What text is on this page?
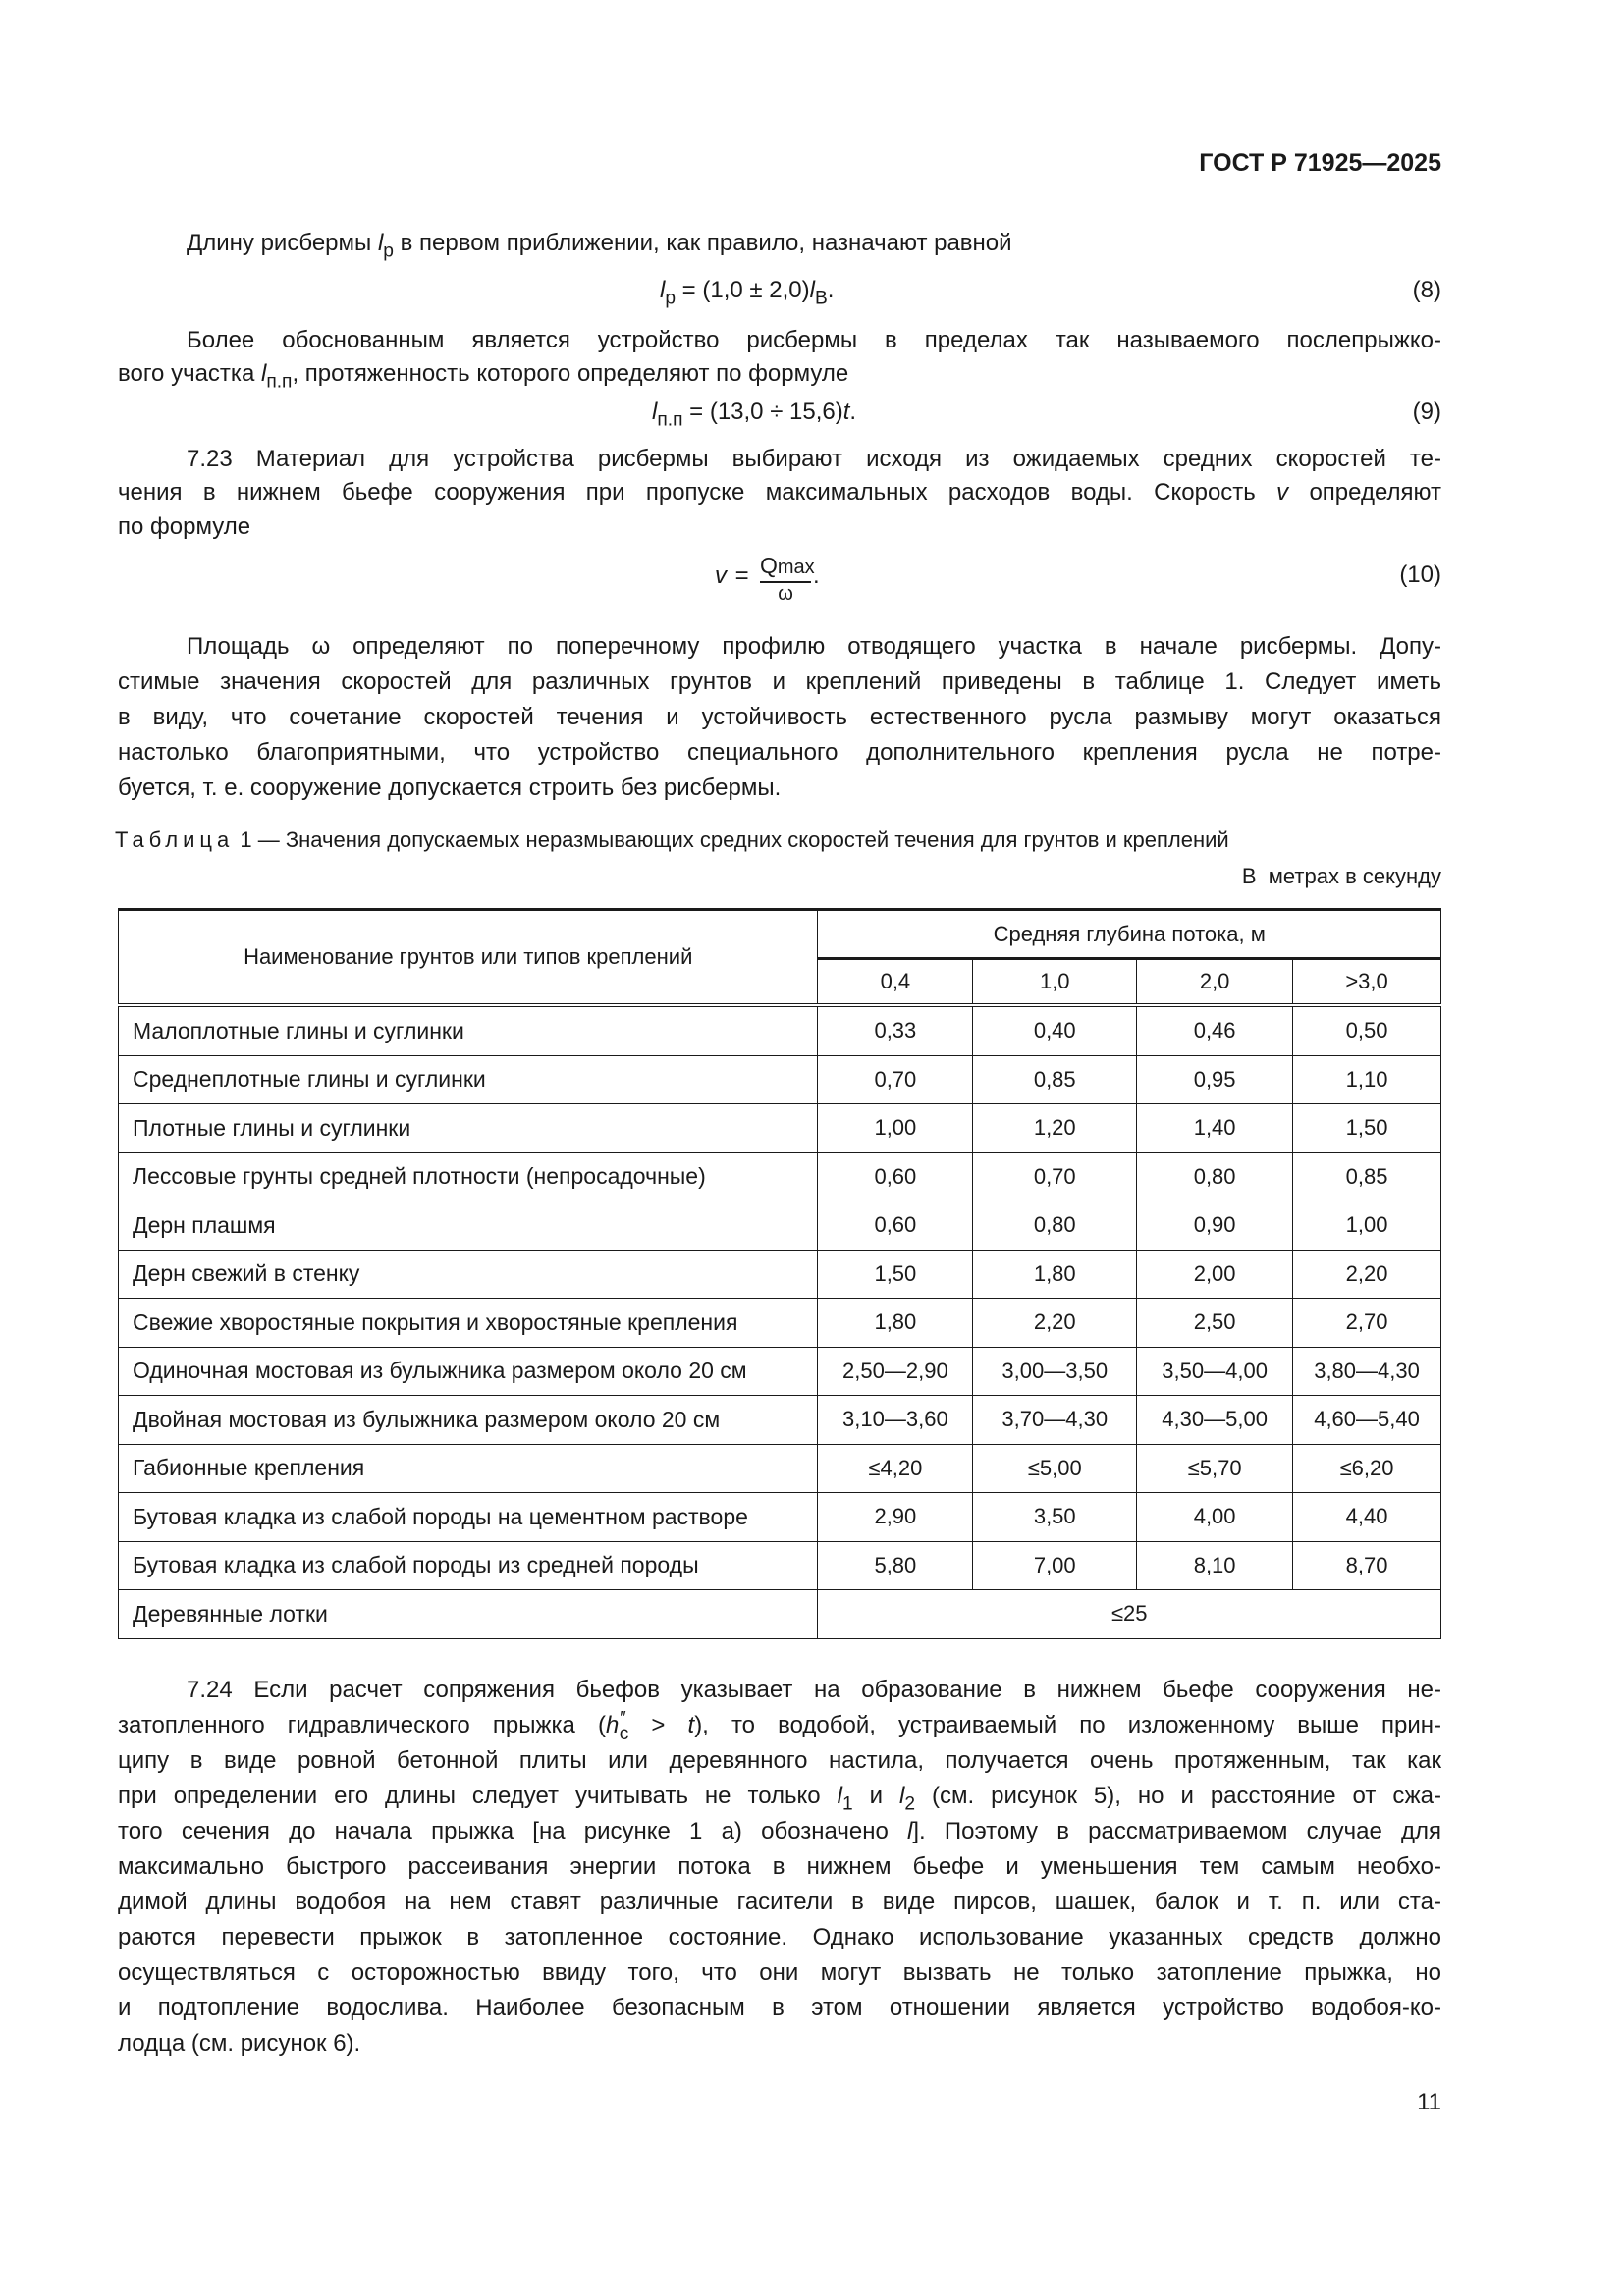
ГОСТ Р 71925—2025
Длину рисбермы $l_р$ в первом приближении, как правило, назначают равной
$l_р = (1,0 \pm 2,0)l_В$.	(8)
Более обоснованным является устройство рисбермы в пределах так называемого послепрыжко-
вого участка $l_{п.п}$, протяженность которого определяют по формуле
$l_{п.п} = (13,0 \div 15,6)t$.	(9)
7.23 Материал для устройства рисбермы выбирают исходя из ожидаемых средних скоростей те-
чения в нижнем бьефе сооружения при пропуске максимальных расходов воды. Скорость v определяют
по формуле
v = Qmax
ω
.	(10)
Площадь ω определяют по поперечному профилю отводящего участка в начале рисбермы. Допу-
стимые значения скоростей для различных грунтов и креплений приведены в таблице 1. Следует иметь
в виду, что сочетание скоростей течения и устойчивость естественного русла размыву могут оказаться
настолько благоприятными, что устройство специального дополнительного крепления русла не потре-
буется, т. е. сооружение допускается строить без рисбермы.
Таблица 1 — Значения допускаемых неразмывающих средних скоростей течения для грунтов и креплений
В  метрах в секунду
Наименование грунтов или типов креплений	Средняя глубина потока, м			
	0,4	1,0	2,0	>3,0
Малоплотные глины и суглинки	0,33	0,40	0,46	0,50
Среднеплотные глины и суглинки	0,70	0,85	0,95	1,10
Плотные глины и суглинки	1,00	1,20	1,40	1,50
Лессовые грунты средней плотности (непросадочные)	0,60	0,70	0,80	0,85
Дерн плашмя	0,60	0,80	0,90	1,00
Дерн свежий в стенку	1,50	1,80	2,00	2,20
Свежие хворостяные покрытия и хворостяные крепления	1,80	2,20	2,50	2,70
Одиночная мостовая из булыжника размером около 20 см	2,50—2,90	3,00—3,50	3,50—4,00	3,80—4,30
Двойная мостовая из булыжника размером около 20 см	3,10—3,60	3,70—4,30	4,30—5,00	4,60—5,40
Габионные крепления	≤4,20	≤5,00	≤5,70	≤6,20
Бутовая кладка из слабой породы на цементном растворе	2,90	3,50	4,00	4,40
Бутовая кладка из слабой породы из средней породы	5,80	7,00	8,10	8,70
Деревянные лотки	≤25			
7.24 Если расчет сопряжения бьефов указывает на образование в нижнем бьефе сооружения не-
затопленного гидравлического прыжка $(h''_с > t)$, то водобой, устраиваемый по изложенному выше прин-
ципу в виде ровной бетонной плиты или деревянного настила, получается очень протяженным, так как
при определении его длины следует учитывать не только $l_1$ и $l_2$ (см. рисунок 5), но и расстояние от сжа-
того сечения до начала прыжка [на рисунке 1 а) обозначено l]. Поэтому в рассматриваемом случае для
максимально быстрого рассеивания энергии потока в нижнем бьефе и уменьшения тем самым необхо-
димой длины водобоя на нем ставят различные гасители в виде пирсов, шашек, балок и т. п. или ста-
раются перевести прыжок в затопленное состояние. Однако использование указанных средств должно
осуществляться с осторожностью ввиду того, что они могут вызвать не только затопление прыжка, но
и подтопление водослива. Наиболее безопасным в этом отношении является устройство водобоя-ко-
лодца (см. рисунок 6).
11
